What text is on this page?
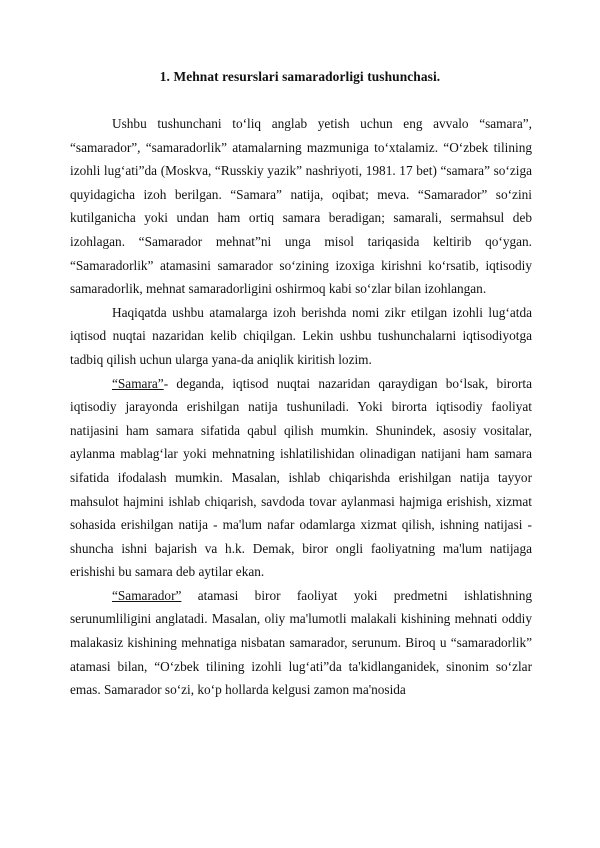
1. Mehnat resurslari samaradorligi tushunchasi.

Ushbu tushunchani to‘liq anglab yetish uchun eng avvalo “samara”, “samarador”, “samaradorlik” atamalarning mazmuniga to‘xtalamiz. “O‘zbek tilining izohli lug‘ati”da (Moskva, “Russkiy yazik” nashriyoti, 1981. 17 bet) “samara” so‘ziga quyidagicha izoh berilgan. “Samara” natija, oqibat; meva. “Samarador” so‘zini kutilganicha yoki undan ham ortiq samara beradigan; samarali, sermahsul deb izohlagan. “Samarador mehnat”ni unga misol tariqasida keltirib qo‘ygan. “Samaradorlik” atamasini samarador so‘zining izoxiga kirishni ko‘rsatib, iqtisodiy samaradorlik, mehnat samaradorligini oshirmoq kabi so‘zlar bilan izohlangan.

Haqiqatda ushbu atamalarga izoh berishda nomi zikr etilgan izohli lug‘atda iqtisod nuqtai nazaridan kelib chiqilgan. Lekin ushbu tushunchalarni iqtisodiyotga tadbiq qilish uchun ularga yana-da aniqlik kiritish lozim.

“Samara”- deganda, iqtisod nuqtai nazaridan qaraydigan bo‘lsak, birorta iqtisodiy jarayonda erishilgan natija tushuniladi. Yoki birorta iqtisodiy faoliyat natijasini ham samara sifatida qabul qilish mumkin. Shunindek, asosiy vositalar, aylanma mablag‘lar yoki mehnatning ishlatilishidan olinadigan natijani ham samara sifatida ifodalash mumkin. Masalan, ishlab chiqarishda erishilgan natija tayyor mahsulot hajmini ishlab chiqarish, savdoda tovar aylanmasi hajmiga erishish, xizmat sohasida erishilgan natija - ma'lum nafar odamlarga xizmat qilish, ishning natijasi - shuncha ishni bajarish va h.k. Demak, biror ongli faoliyatning ma'lum natijaga erishishi bu samara deb aytilar ekan.

“Samarador” atamasi biror faoliyat yoki predmetni ishlatishning serunumliligini anglatadi. Masalan, oliy ma'lumotli malakali kishining mehnati oddiy malakasiz kishining mehnatiga nisbatan samarador, serunum. Biroq u “samaradorlik” atamasi bilan, “O‘zbek tilining izohli lug‘ati”da ta'kidlanganidek, sinonim so‘zlar emas. Samarador so‘zi, ko‘p hollarda kelgusi zamon ma'nosida
